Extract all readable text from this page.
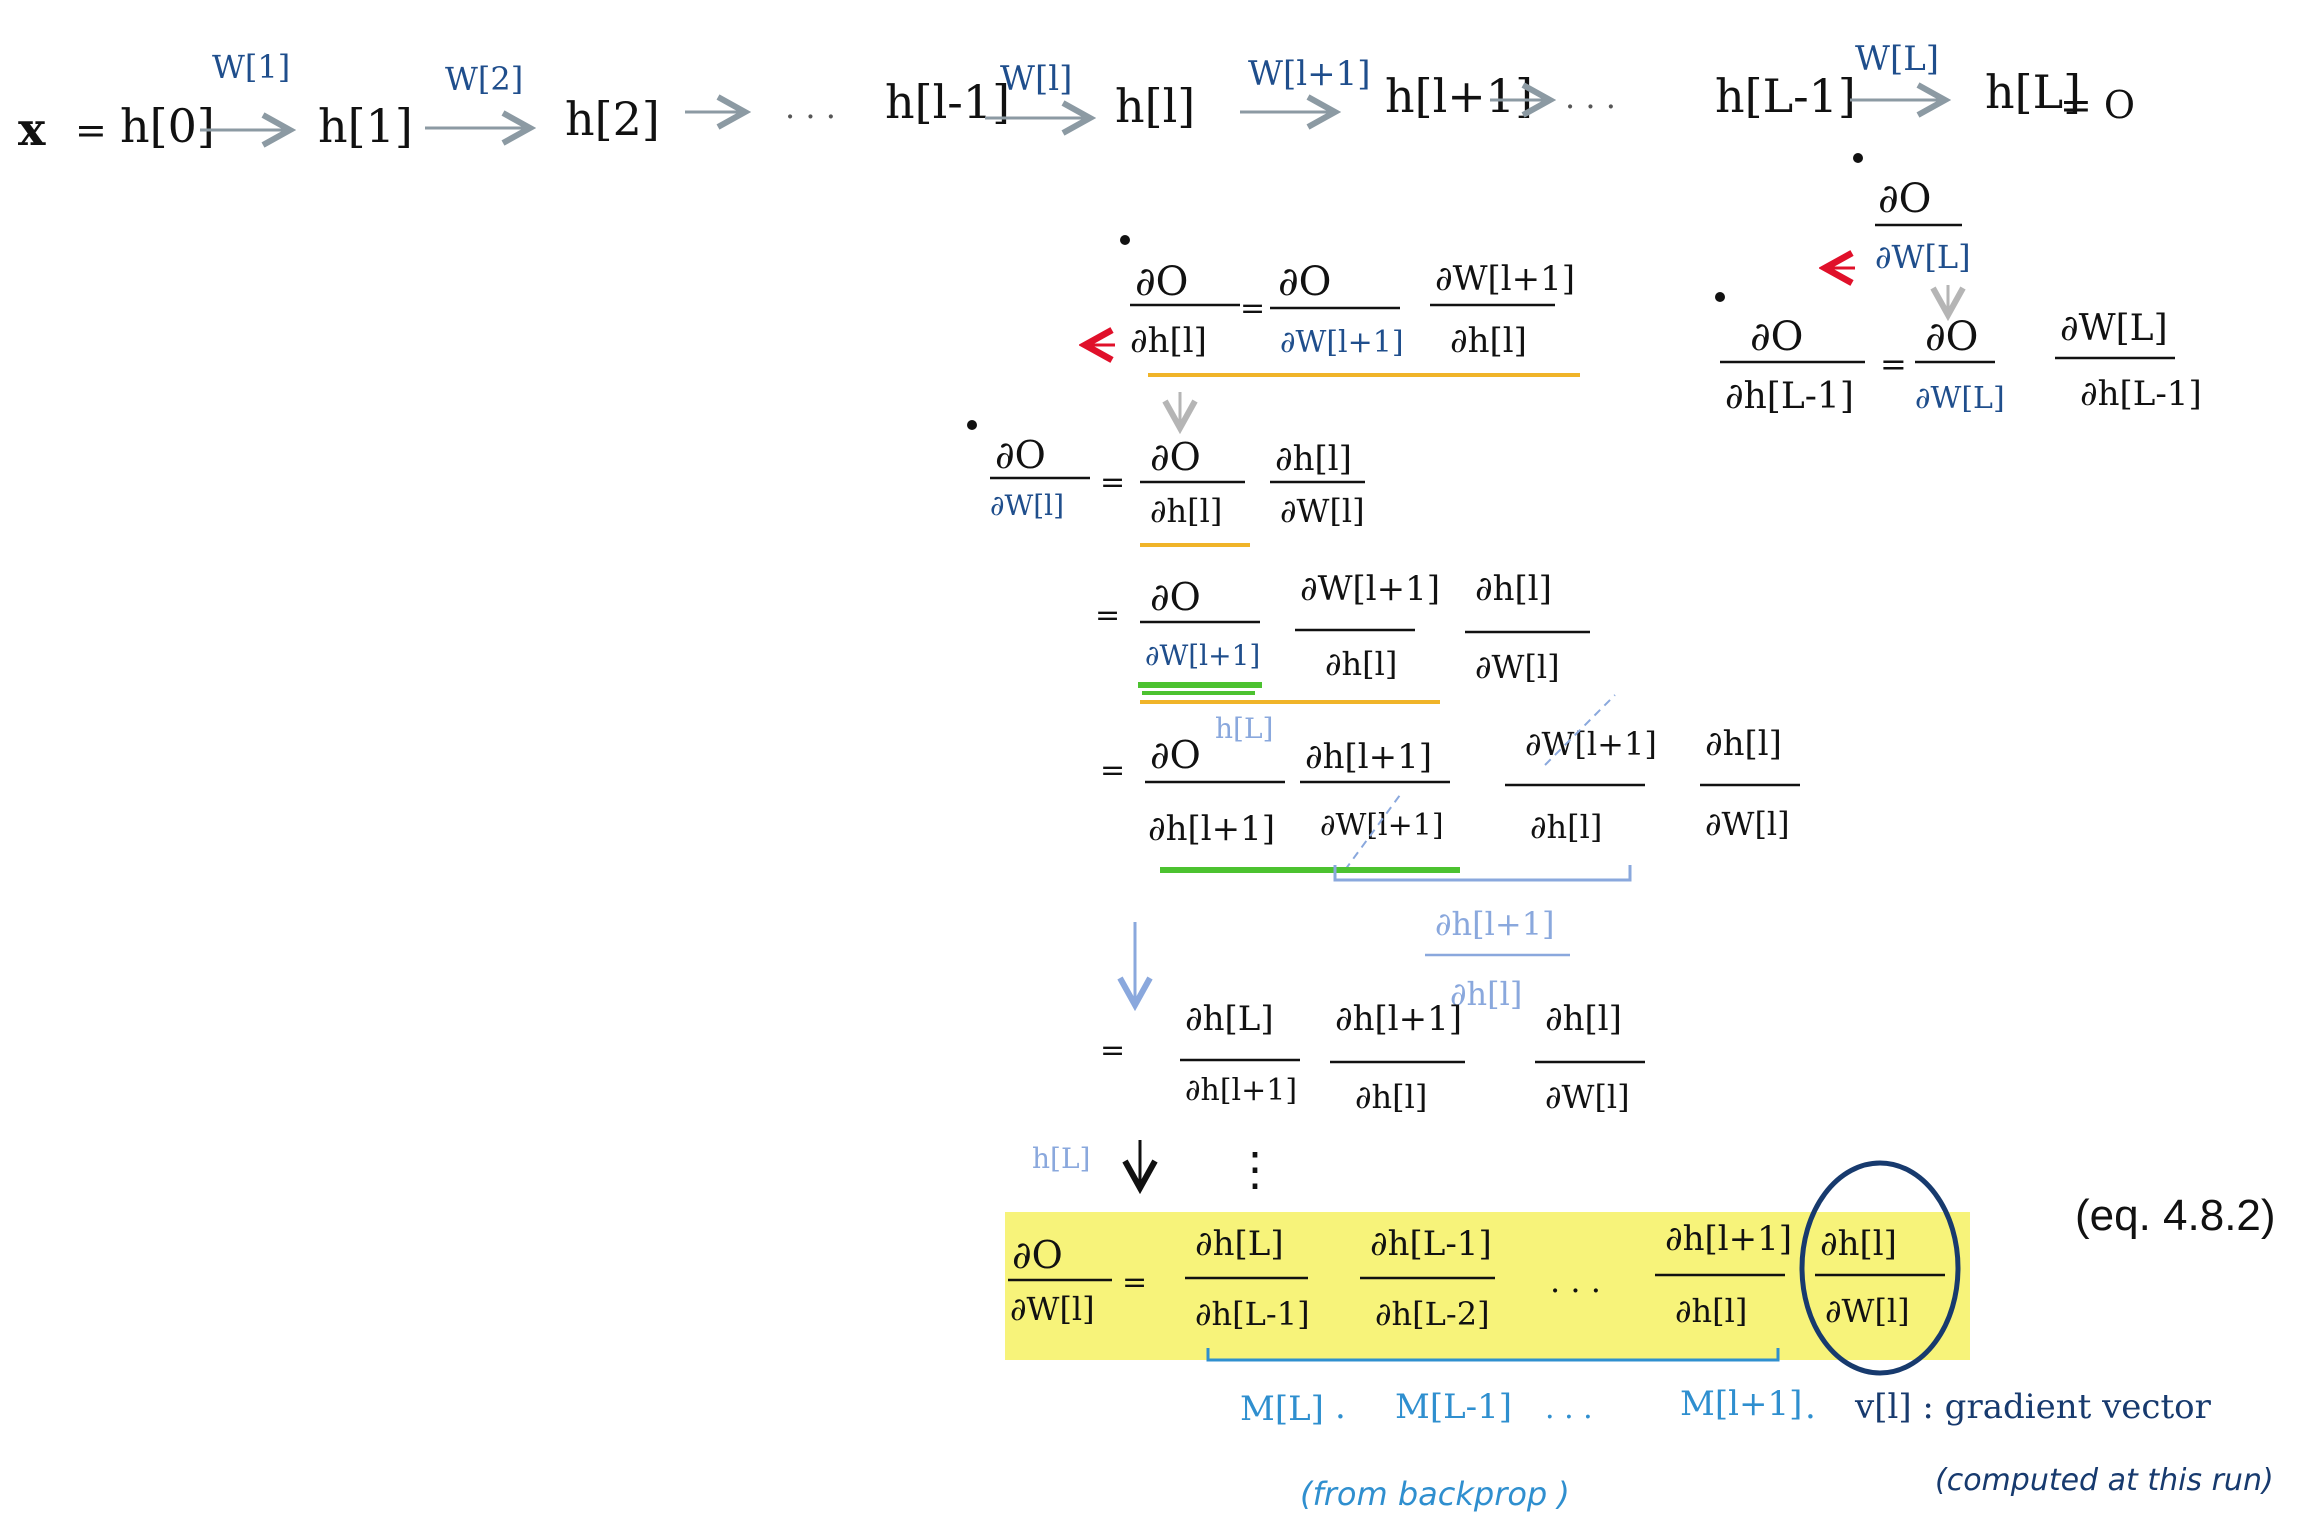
x = h[0]
W[1]
h[1]
W[2]
h[2]	. . . h[l-1]
W[l] h[l]
W[l+1] h[l+1] . . . h[L-1]
W[L]
h[L]
= O
∂O
∂W[L]
∂O
∂h[L-1]
=
∂O
∂W[L]
∂W[L]
∂h[L-1]
∂O
∂h[l]
=
∂O
∂W[l+1]
∂W[l+1]
∂h[l]
∂O
∂W[l]
=
∂O
∂h[l]
∂h[l]
∂W[l]
= ∂O
∂W[l+1]
∂W[l+1]
∂h[l]
∂h[l]
∂W[l]
=
h[L]
∂O
∂h[l+1]
∂h[l+1]
∂W[l+1]
∂W[l+1]
∂h[l]
∂h[l]
∂W[l]
∂h[l+1]
∂h[l]
=
∂h[L]
∂h[l+1]
∂h[l+1]
∂h[l]
∂h[l]
∂W[l]
⋮
h[L]
∂O
∂W[l]
=
∂h[L]
∂h[L-1]
∂h[L-1]
∂h[L-2]
. . .
∂h[l+1]
∂h[l]
∂h[l]
∂W[l]
(eq. 4.8.2)
M[L] . M[L-1] . . .	M[l+1] . v[l] : gradient vector
(from backprop )	(computed at this run)
